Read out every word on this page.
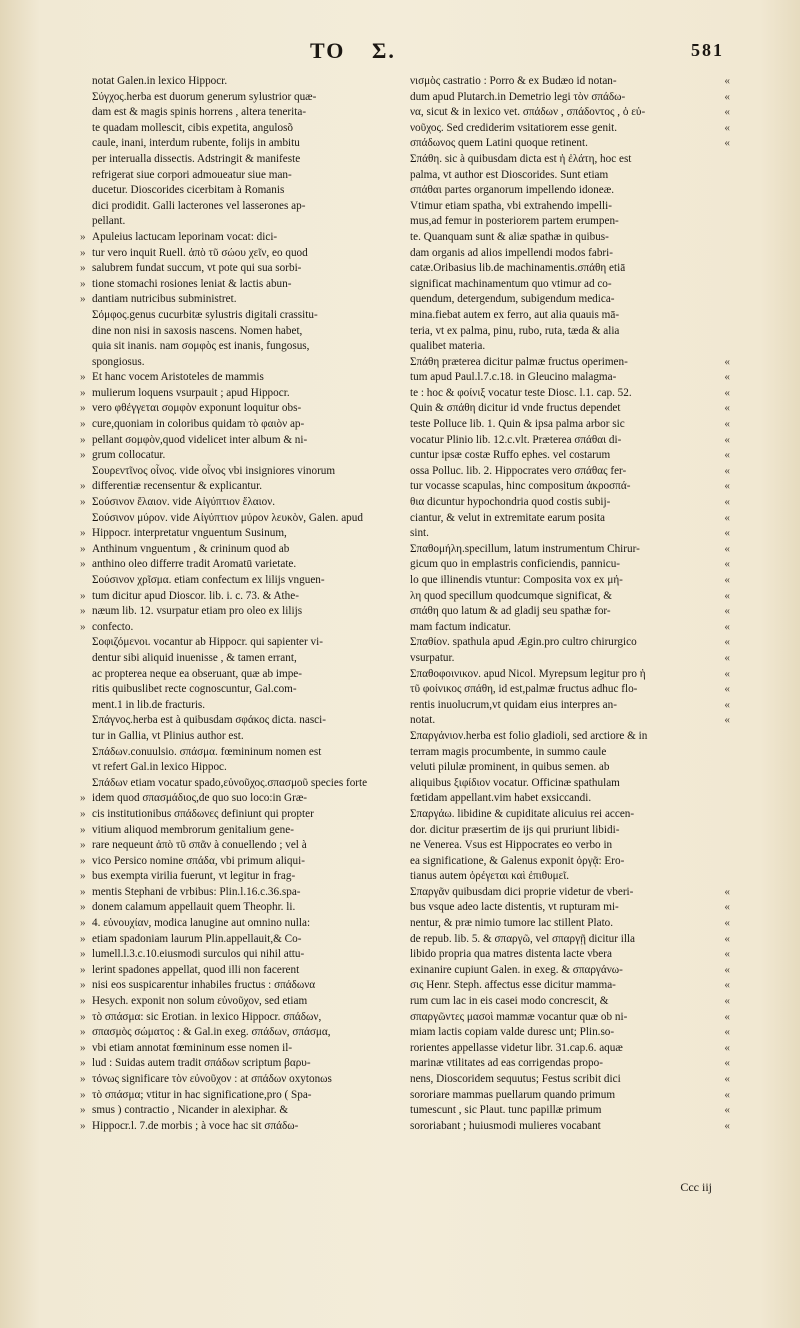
TO Σ.	581
notat Galen.in lexico Hippocr.
Σύγχος.herba est duorum generum sylustrior quæ-
dam est & magis spinis horrens , altera tenerita-
te quadam mollescit, cibis expetita, angulosõ
caule, inani, interdum rubente, folijs in ambitu
per interualla dissectis. Adstringit & manifeste
refrigerat siue corpori admoueatur siue man-
ducetur. Dioscorides cicerbitam à Romanis
dici prodidit. Galli lacterones vel lasserones ap-
pellant.
» Apuleius lactucam leporinam vocat: dici-
» tur vero inquit Ruell. ἀπὸ τῦ σώου χεῖν, eo quod
» salubrem fundat succum, vt pote qui sua sorbi-
» tione stomachi rosiones leniat & lactis abun-
» dantiam nutricibus subministret.
Σόμφος.genus cucurbitæ sylustris digitali crassitu-
dine non nisi in saxosis nascens. Nomen habet,
quia sit inanis. nam σομφὸς est inanis, fungosus,
spongiosus.
» Et hanc vocem Aristoteles de mammis
» mulierum loquens vsurpauit ; apud Hippocr.
» vero φθέγγεται σομφὸν exponunt loquitur obs-
» cure,quoniam in coloribus quidam τὸ φαιὸν ap-
» pellant σομφὸν,quod videlicet inter album & ni-
» grum collocatur.
Σουρεντῖνος οἶνος. vide οἶνος vbi insigniores vinorum
» differentiæ recensentur & explicantur.
» Σούσινον ἔλαιον. vide Αἰγύπτιον ἔλαιον.
Σούσινον μύρον. vide Αἰγύπτιον μύρον λευκὸν, Galen. apud
» Hippocr. interpretatur vnguentum Susinum,
» Anthinum vnguentum , & crininum quod ab
» anthino oleo differre tradit Aromatū varietate.
Σούσινον χρῖσμα. etiam confectum ex lilijs vnguen-
» tum dicitur apud Dioscor. lib. i. c. 73. & Athe-
» næum lib. 12. vsurpatur etiam pro oleo ex lilijs
» confecto.
Σοφιζόμενοι. vocantur ab Hippocr. qui sapienter vi-
dentur sibi aliquid inuenisse , & tamen errant,
ac propterea neque ea obseruant, quæ ab impe-
ritis quibuslibet recte cognoscuntur, Gal.com-
ment.1 in lib.de fracturis.
Σπάγνος.herba est à quibusdam σφάκος dicta. nasci-
tur in Gallia, vt Plinius author est.
Σπάδων.conuulsio. σπάσμα. fœmininum nomen est
vt refert Gal.in lexico Hippoc.
Σπάδων etiam vocatur spado,εὐνοῦχος.σπασμοῦ species forte
» idem quod σπασμάδιος,de quo suo loco:in Græ-
» cis institutionibus σπάδωνες definiunt qui propter
» vitium aliquod membrorum genitalium gene-
» rare nequeunt ἀπὸ τῦ σπᾶν à conuellendo ; vel à
» vico Persico nomine σπάδα, vbi primum aliqui-
» bus exempta virilia fuerunt, vt legitur in frag-
» mentis Stephani de vrbibus: Plin.l.16.c.36.spa-
» donem calamum appellauit quem Theophr. li.
» 4. εὐνουχίαν, modica lanugine aut omnino nulla:
» etiam spadoniam laurum Plin.appellauit,& Co-
» lumell.l.3.c.10.eiusmodi surculos qui nihil attu-
» lerint spadones appellat, quod illi non facerent
» nisi eos suspicarentur inhabiles fructus : σπάδωνα
» Hesych. exponit non solum εὐνοῦχον, sed etiam
» τὸ σπάσμα: sic Erotian. in lexico Hippocr. σπάδων,
» σπασμὸς σώματος : & Gal.in exeg. σπάδων, σπάσμα,
» vbi etiam annotat fœmininum esse nomen il-
» lud : Suidas autem tradit σπάδων scriptum βαρυ-
» τόνως significare τὸν εὐνοῦχον : at σπάδων oxytonωs
» τὸ σπάσμα; vtitur in hac significatione,pro ( Spa-
» smus ) contractio , Nicander in alexiphar. &
» Hippocr.l. 7.de morbis ; à voce hac sit σπάδω-
νισμὸς castratio : Porro & ex Budæo id notan-	«
dum apud Plutarch.in Demetrio legi τὸν σπάδω-	«
να, sicut & in lexico vet. σπάδων , σπάδοντος , ὁ εὐ-	«
νοῦχος. Sed crediderim vsitatiorem esse genit.	«
σπάδωνος quem Latini quoque retinent.	«
Σπάθη. sic à quibusdam dicta est ἡ ἐλάτη, hoc est
palma, vt author est Dioscorides. Sunt etiam
σπάθαι partes organorum impellendo idoneæ.
Vtimur etiam spatha, vbi extrahendo impelli-
mus,ad femur in posteriorem partem erumpen-
te. Quanquam sunt & aliæ spathæ in quibus-
dam organis ad alios impellendi modos fabri-
catæ.Oribasius lib.de machinamentis.σπάθη etiā
significat machinamentum quo vtimur ad co-
quendum, detergendum, subigendum medica-
mina.fiebat autem ex ferro, aut alia quauis mā-
teria, vt ex palma, pinu, rubo, ruta, tæda & alia
qualibet materia.
Σπάθη præterea dicitur palmæ fructus operimen-	«
tum apud Paul.l.7.c.18. in Gleucino malagma-	«
te : hoc & φοίνιξ vocatur teste Diosc. l.1. cap. 52.	«
Quin & σπάθη dicitur id vnde fructus dependet	«
teste Polluce lib. 1. Quin & ipsa palma arbor sic	«
vocatur Plinio lib. 12.c.vlt. Præterea σπάθαι di-	«
cuntur ipsæ costæ Ruffo ephes. vel costarum	«
ossa Polluc. lib. 2. Hippocrates vero σπάθας fer-	«
tur vocasse scapulas, hinc compositum ἀκροσπά-	«
θια dicuntur hypochondria quod costis subij-	«
ciantur, & velut in extremitate earum posita	«
sint.	«
Σπαθομήλη.specillum, latum instrumentum Chirur-	«
gicum quo in emplastris conficiendis, pannicu-	«
lo que illinendis vtuntur: Composita vox ex μή-	«
λη quod specillum quodcumque significat, &	«
σπάθη quo latum & ad gladij seu spathæ for-	«
mam factum indicatur.	«
Σπαθίον. spathula apud Ægin.pro cultro chirurgico	«
vsurpatur.	«
Σπαθοφοινικον. apud Nicol. Myrepsum legitur pro ἡ	«
τῦ φοίνικος σπάθη, id est,palmæ fructus adhuc flo-	«
rentis inuolucrum,vt quidam eius interpres an-	«
notat.	«
Σπαργάνιον.herba est folio gladioli, sed arctiore & in
terram magis procumbente, in summo caule
veluti pilulæ prominent, in quibus semen. ab
aliquibus ξιφίδιον vocatur. Officinæ spathulam
fœtidam appellant.vim habet exsiccandi.
Σπαργάω. libidine & cupiditate alicuius rei accen-
dor. dicitur præsertim de ijs qui pruriunt libidi-
ne Venerea. Vsus est Hippocrates eo verbo in
ea significatione, & Galenus exponit ὀργᾷ: Ero-
tianus autem ὀρέγεται καὶ ἐπιθυμεῖ.
Σπαργᾶν quibusdam dici proprie videtur de vberi-	«
bus vsque adeo lacte distentis, vt rupturam mi-	«
nentur, & præ nimio tumore lac stillent Plato.	«
de repub. lib. 5. & σπαργῶ, vel σπαργῇ dicitur illa	«
libido propria qua matres distenta lacte vbera	«
exinanire cupiunt Galen. in exeg. & σπαργάνω-	«
σις Henr. Steph. affectus esse dicitur mamma-	«
rum cum lac in eis casei modo concrescit, &	«
σπαργῶντες μασοὶ mammæ vocantur quæ ob ni-	«
miam lactis copiam valde duresc unt; Plin.so-	«
rorientes appellasse videtur libr. 31.cap.6. aquæ	«
marinæ vtilitates ad eas corrigendas propo-	«
nens, Dioscoridem sequutus; Festus scribit dici	«
sororiare mammas puellarum quando primum	«
tumescunt , sic Plaut. tunc papillæ primum	«
sororiabant ; huiusmodi mulieres vocabant	«
Ccc iij
